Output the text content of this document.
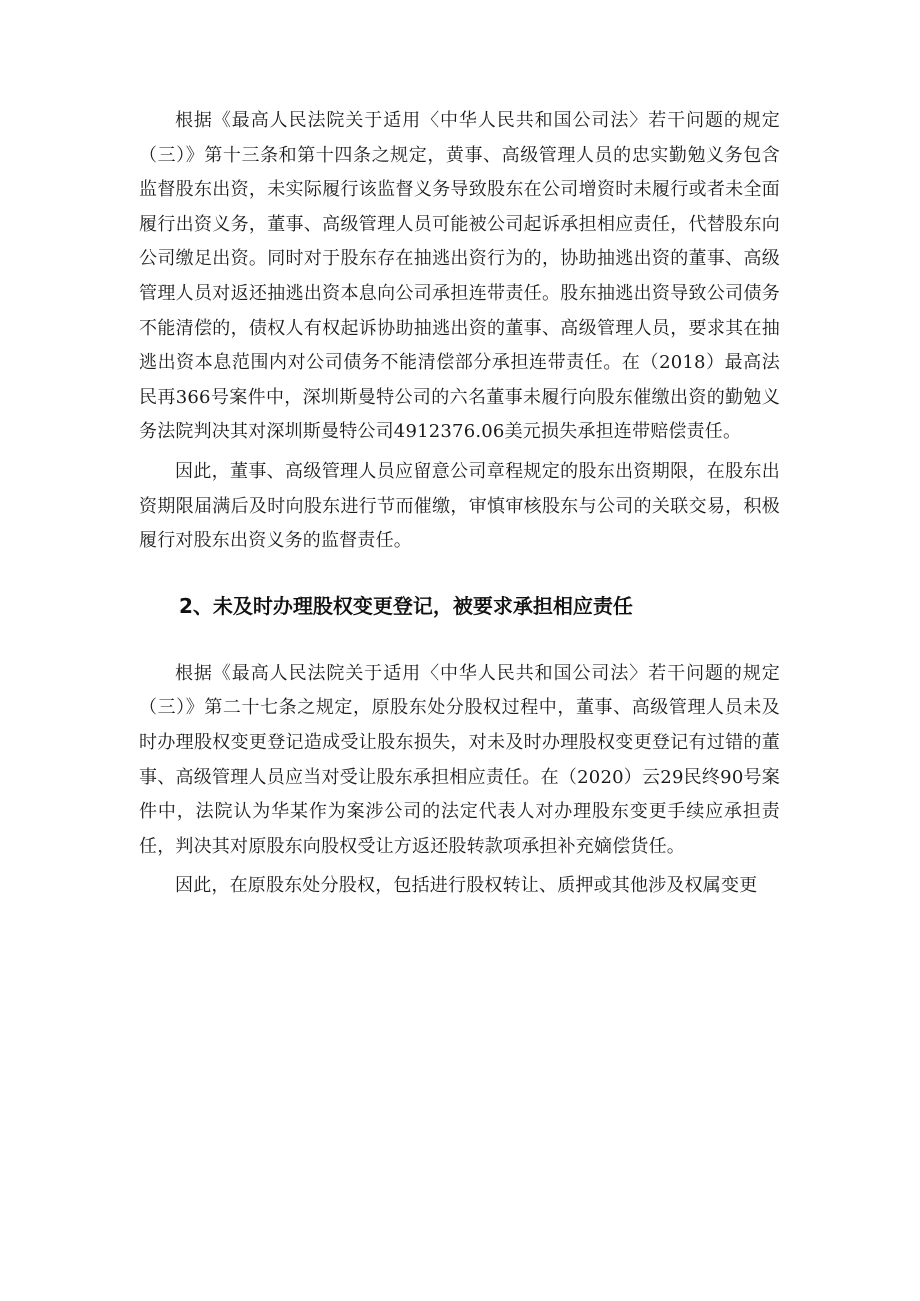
根据《最高人民法院关于适用〈中华人民共和国公司法〉若干问题的规定（三）》第十三条和第十四条之规定，黄事、高级管理人员的忠实勤勉义务包含监督股东出资，未实际履行该监督义务导致股东在公司增资时未履行或者未全面履行出资义务，董事、高级管理人员可能被公司起诉承担相应责任，代替股东向公司缴足出资。同时对于股东存在抽逃出资行为的，协助抽逃出资的董事、高级管理人员对返还抽逃出资本息向公司承担连带责任。股东抽逃出资导致公司债务不能清偿的，债权人有权起诉协助抽逃出资的董事、高级管理人员，要求其在抽逃出资本息范围内对公司债务不能清偿部分承担连带责任。在（2018）最高法民再366号案件中，深圳斯曼特公司的六名董事未履行向股东催缴出资的勤勉义务法院判决其对深圳斯曼特公司4912376.06美元损失承担连带赔偿责任。

因此，董事、高级管理人员应留意公司章程规定的股东出资期限，在股东出资期限届满后及时向股东进行节而催缴，审慎审核股东与公司的关联交易，积极履行对股东出资义务的监督责任。

2、未及时办理股权变更登记，被要求承担相应责任

根据《最高人民法院关于适用〈中华人民共和国公司法〉若干问题的规定（三）》第二十七条之规定，原股东处分股权过程中，董事、高级管理人员未及时办理股权变更登记造成受让股东损失，对未及时办理股权变更登记有过错的董事、高级管理人员应当对受让股东承担相应责任。在（2020）云29民终90号案件中，法院认为华某作为案涉公司的法定代表人对办理股东变更手续应承担责任，判决其对原股东向股权受让方返还股转款项承担补充嫡偿货任。

因此，在原股东处分股权，包括进行股权转让、质押或其他涉及权属变更
